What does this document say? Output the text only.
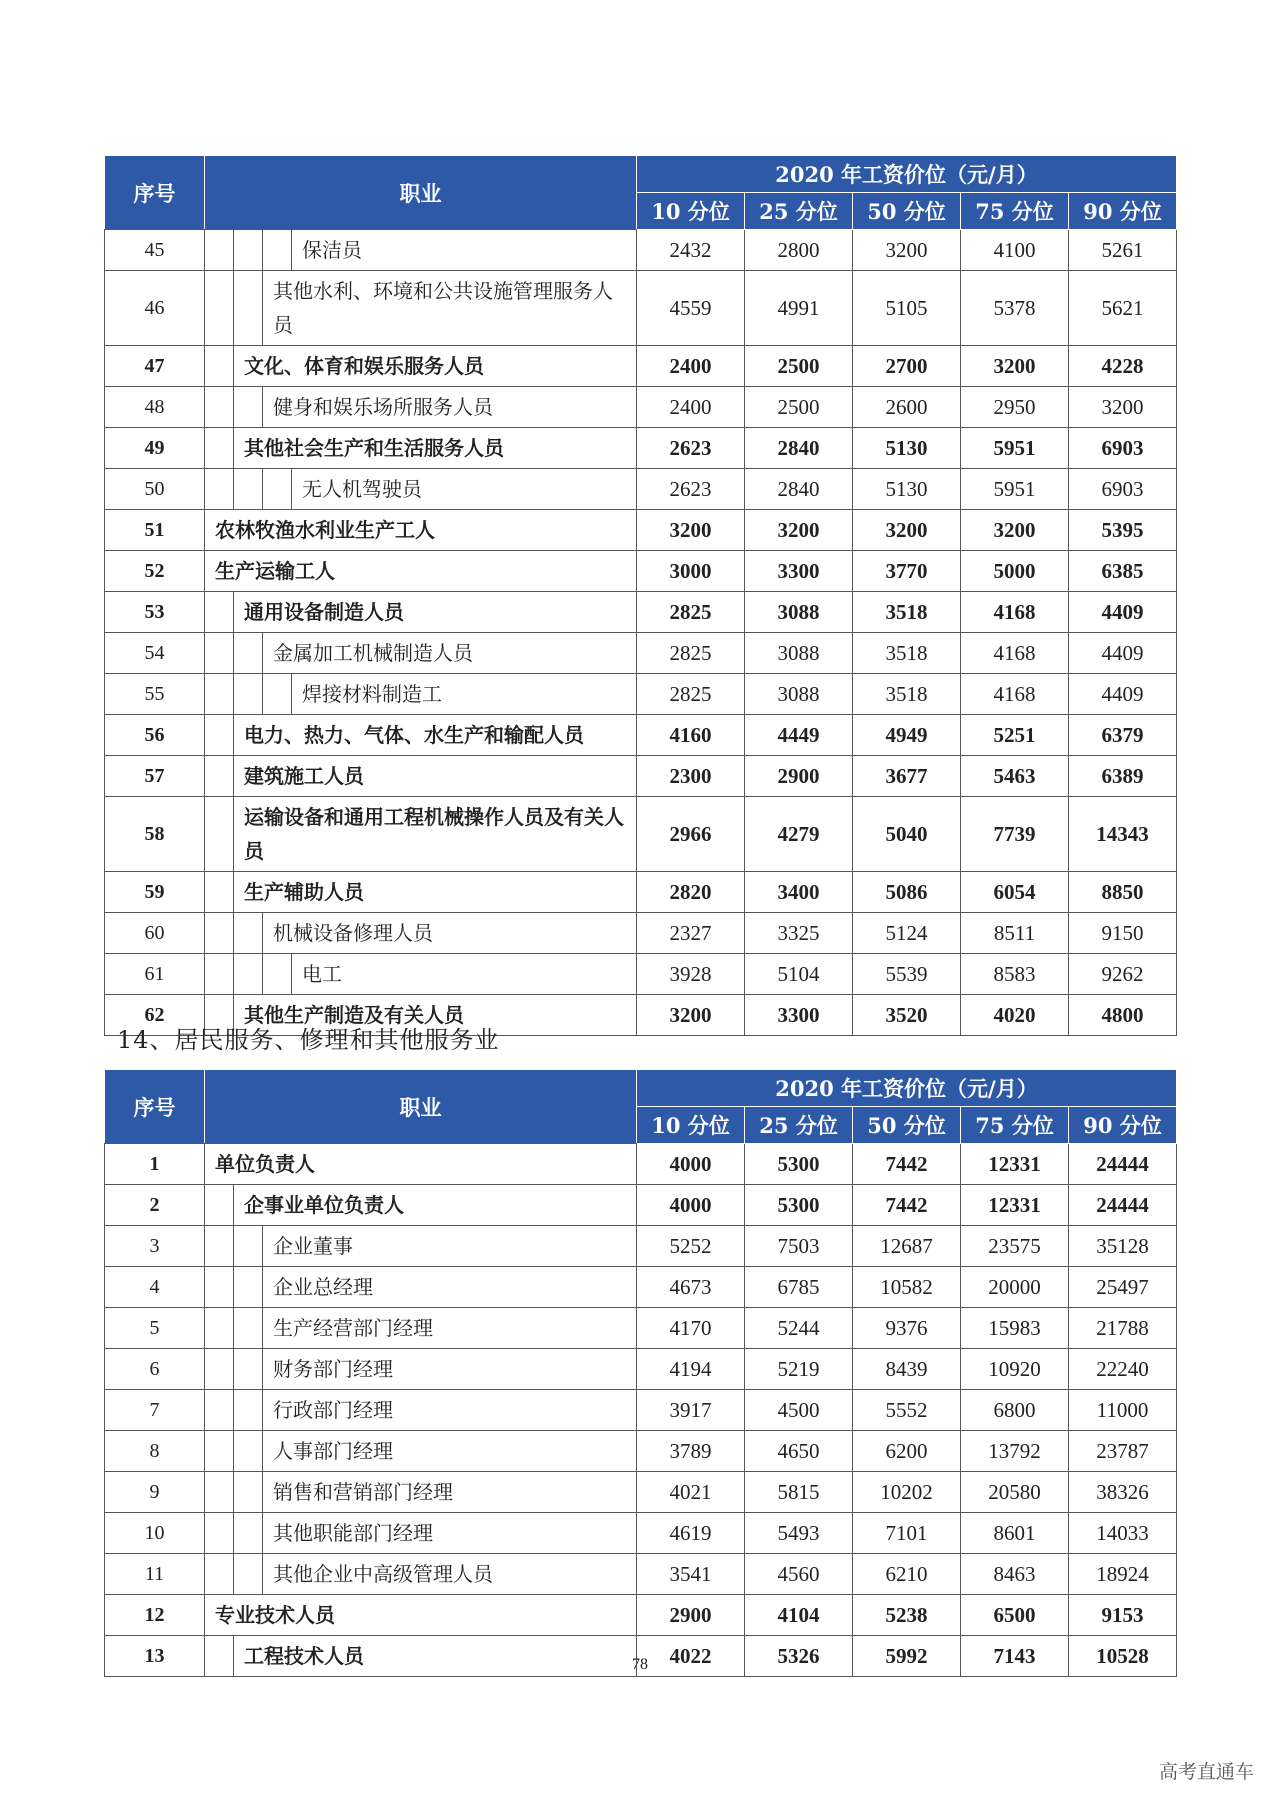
序号	职业	2020 年工资价位（元/月）				
		10 分位	25 分位	50 分位	75 分位	90 分位
45	保洁员	2432	2800	3200	4100	5261
46	其他水利、环境和公共设施管理服务人员	4559	4991	5105	5378	5621
47	文化、体育和娱乐服务人员	2400	2500	2700	3200	4228
48	健身和娱乐场所服务人员	2400	2500	2600	2950	3200
49	其他社会生产和生活服务人员	2623	2840	5130	5951	6903
50	无人机驾驶员	2623	2840	5130	5951	6903
51	农林牧渔水利业生产工人	3200	3200	3200	3200	5395
52	生产运输工人	3000	3300	3770	5000	6385
53	通用设备制造人员	2825	3088	3518	4168	4409
54	金属加工机械制造人员	2825	3088	3518	4168	4409
55	焊接材料制造工	2825	3088	3518	4168	4409
56	电力、热力、气体、水生产和输配人员	4160	4449	4949	5251	6379
57	建筑施工人员	2300	2900	3677	5463	6389
58	运输设备和通用工程机械操作人员及有关人员	2966	4279	5040	7739	14343
59	生产辅助人员	2820	3400	5086	6054	8850
60	机械设备修理人员	2327	3325	5124	8511	9150
61	电工	3928	5104	5539	8583	9262
62	其他生产制造及有关人员	3200	3300	3520	4020	4800
14、居民服务、修理和其他服务业
序号	职业	2020 年工资价位（元/月）				
		10 分位	25 分位	50 分位	75 分位	90 分位
1	单位负责人	4000	5300	7442	12331	24444
2	企事业单位负责人	4000	5300	7442	12331	24444
3	企业董事	5252	7503	12687	23575	35128
4	企业总经理	4673	6785	10582	20000	25497
5	生产经营部门经理	4170	5244	9376	15983	21788
6	财务部门经理	4194	5219	8439	10920	22240
7	行政部门经理	3917	4500	5552	6800	11000
8	人事部门经理	3789	4650	6200	13792	23787
9	销售和营销部门经理	4021	5815	10202	20580	38326
10	其他职能部门经理	4619	5493	7101	8601	14033
11	其他企业中高级管理人员	3541	4560	6210	8463	18924
12	专业技术人员	2900	4104	5238	6500	9153
13	工程技术人员	4022	5326	5992	7143	10528
78
高考直通车
